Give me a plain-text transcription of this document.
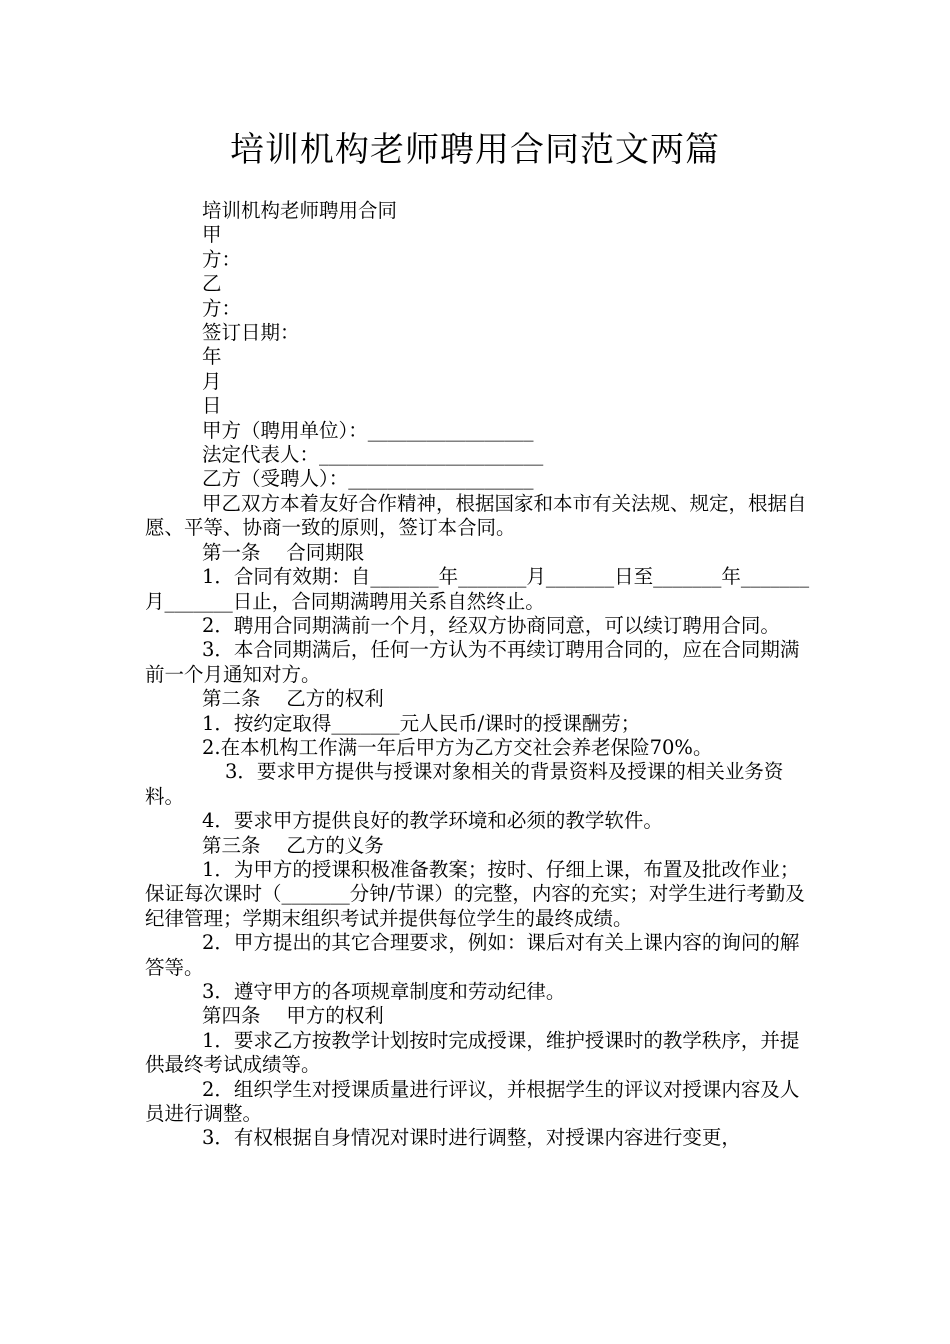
培训机构老师聘用合同范文两篇

培训机构老师聘用合同

甲

方：

乙

方：

签订日期：

年

月

日

甲方（聘用单位）：_________________

法定代表人：_______________________

乙方（受聘人）：___________________

甲乙双方本着友好合作精神，根据国家和本市有关法规、规定，根据自愿、平等、协商一致的原则，签订本合同。

第一条　 合同期限

1．合同有效期：自_______年_______月_______日至_______年_______月_______日止，合同期满聘用关系自然终止。

2．聘用合同期满前一个月，经双方协商同意，可以续订聘用合同。

3．本合同期满后，任何一方认为不再续订聘用合同的，应在合同期满前一个月通知对方。

第二条　 乙方的权利

1．按约定取得_______元人民币/课时的授课酬劳；

2.在本机构工作满一年后甲方为乙方交社会养老保险70%。

3．要求甲方提供与授课对象相关的背景资料及授课的相关业务资料。

4．要求甲方提供良好的教学环境和必须的教学软件。

第三条　 乙方的义务

1．为甲方的授课积极准备教案；按时、仔细上课，布置及批改作业；保证每次课时（_______分钟/节课）的完整，内容的充实；对学生进行考勤及纪律管理；学期末组织考试并提供每位学生的最终成绩。

2．甲方提出的其它合理要求，例如：课后对有关上课内容的询问的解答等。

3．遵守甲方的各项规章制度和劳动纪律。

第四条　 甲方的权利

1．要求乙方按教学计划按时完成授课，维护授课时的教学秩序，并提供最终考试成绩等。

2．组织学生对授课质量进行评议，并根据学生的评议对授课内容及人员进行调整。

3．有权根据自身情况对课时进行调整，对授课内容进行变更，
